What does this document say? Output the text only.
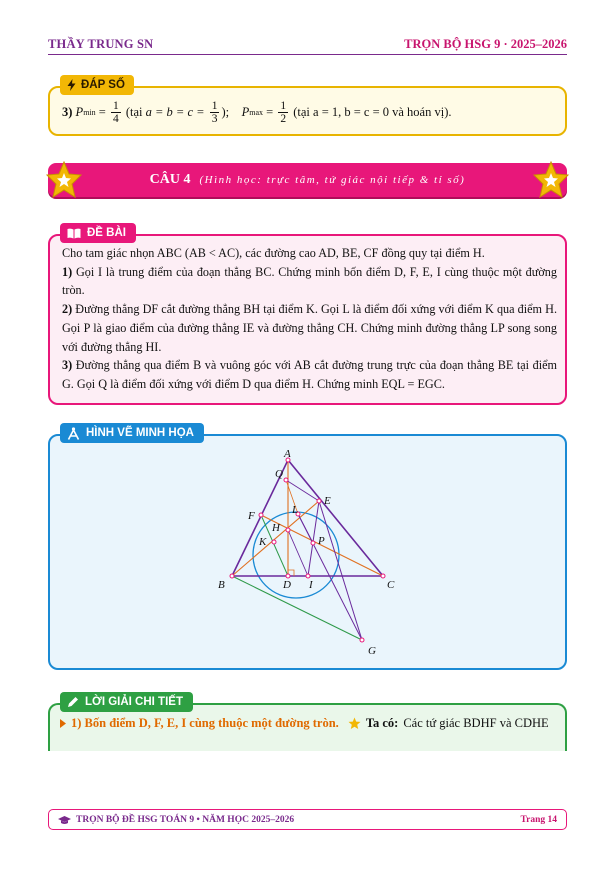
THẦY TRUNG SN	TRỌN BỘ HSG 9 · 2025–2026
ĐÁP SỐ
3)
P $\min = \frac{1}{4}$
(tại
a = b = c =
$\frac{1}{3}$ );
P $\max = \frac{1}{2}$
(tại a = 1, b = c = 0 và hoán vị).
CÂU 4 (Hình học: trực tâm, tứ giác nội tiếp & tỉ số)
ĐỀ BÀI

Cho tam giác nhọn ABC (AB < AC), các đường cao AD, BE, CF đồng quy tại điểm H.

1) Gọi I là trung điểm của đoạn thẳng BC. Chứng minh bốn điểm D, F, E, I cùng thuộc một đường tròn.

2) Đường thẳng DF cắt đường thẳng BH tại điểm K. Gọi L là điểm đối xứng với điểm K qua điểm H. Gọi P là giao điểm của đường thẳng IE và đường thẳng CH. Chứng minh đường thẳng LP song song với đường thẳng HI.

3) Đường thẳng qua điểm B và vuông góc với AB cắt đường trung trực của đoạn thẳng BE tại điểm G. Gọi Q là điểm đối xứng với điểm D qua điểm H. Chứng minh EQL = EGC.

HÌNH VẼ MINH HỌA
A
Q
E
F	L
H
K	P
B	D I	C
G
LỜI GIẢI CHI TIẾT
1) Bốn điểm D, F, E, I cùng thuộc một đường tròn. Ta có: Các tứ giác BDHF và CDHE
TRỌN BỘ ĐỀ HSG TOÁN 9 • NĂM HỌC 2025–2026	Trang 14
